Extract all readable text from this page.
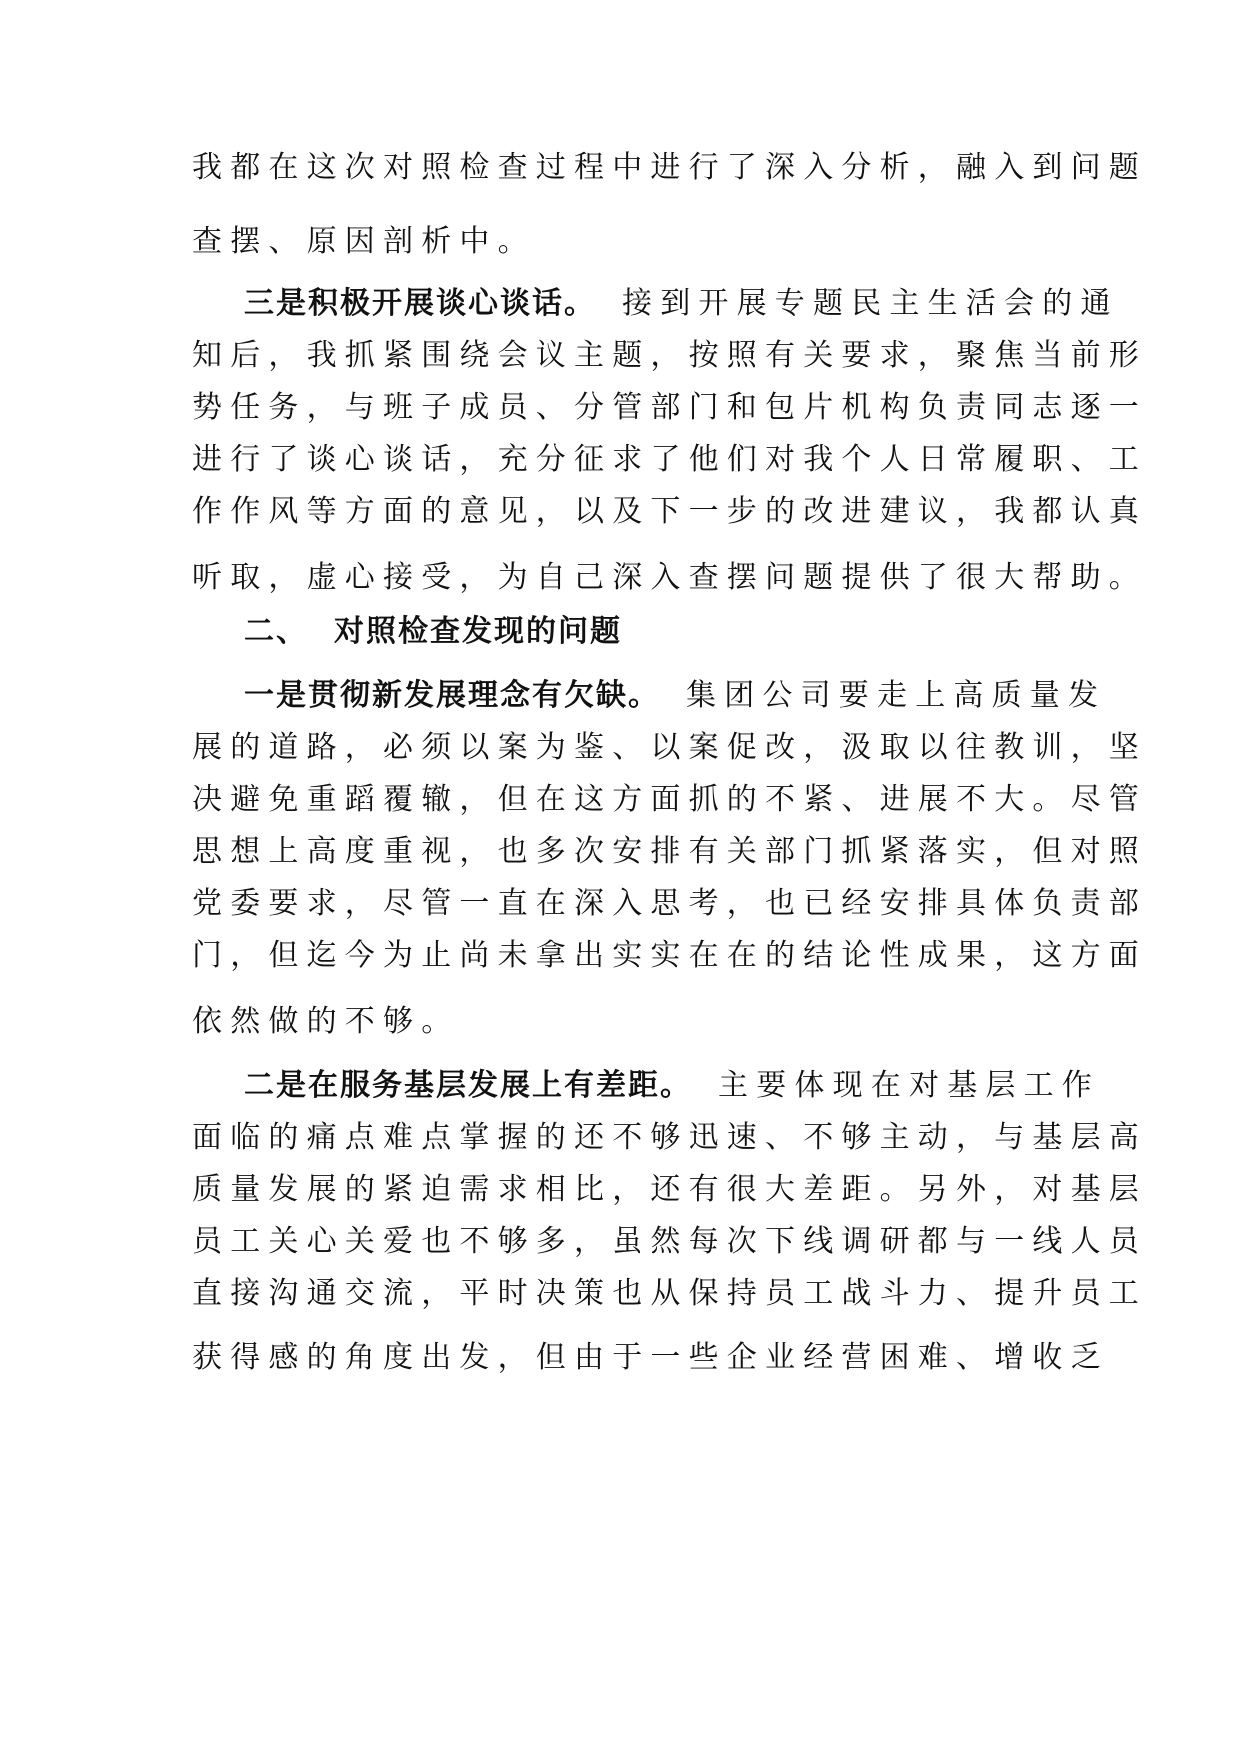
我都在这次对照检查过程中进行了深入分析，融入到问题
查摆、原因剖析中。
三是积极开展谈心谈话。 接到开展专题民主生活会的通
知后，我抓紧围绕会议主题，按照有关要求，聚焦当前形
势任务，与班子成员、分管部门和包片机构负责同志逐一
进行了谈心谈话，充分征求了他们对我个人日常履职、工
作作风等方面的意见，以及下一步的改进建议，我都认真
听取，虚心接受，为自己深入查摆问题提供了很大帮助。
二、 对照检查发现的问题
一是贯彻新发展理念有欠缺。 集团公司要走上高质量发
展的道路，必须以案为鉴、以案促改，汲取以往教训，坚
决避免重蹈覆辙，但在这方面抓的不紧、进展不大。尽管
思想上高度重视，也多次安排有关部门抓紧落实，但对照
党委要求，尽管一直在深入思考，也已经安排具体负责部
门，但迄今为止尚未拿出实实在在的结论性成果，这方面
依然做的不够。
二是在服务基层发展上有差距。 主要体现在对基层工作
面临的痛点难点掌握的还不够迅速、不够主动，与基层高
质量发展的紧迫需求相比，还有很大差距。另外，对基层
员工关心关爱也不够多，虽然每次下线调研都与一线人员
直接沟通交流，平时决策也从保持员工战斗力、提升员工
获得感的角度出发，但由于一些企业经营困难、增收乏
